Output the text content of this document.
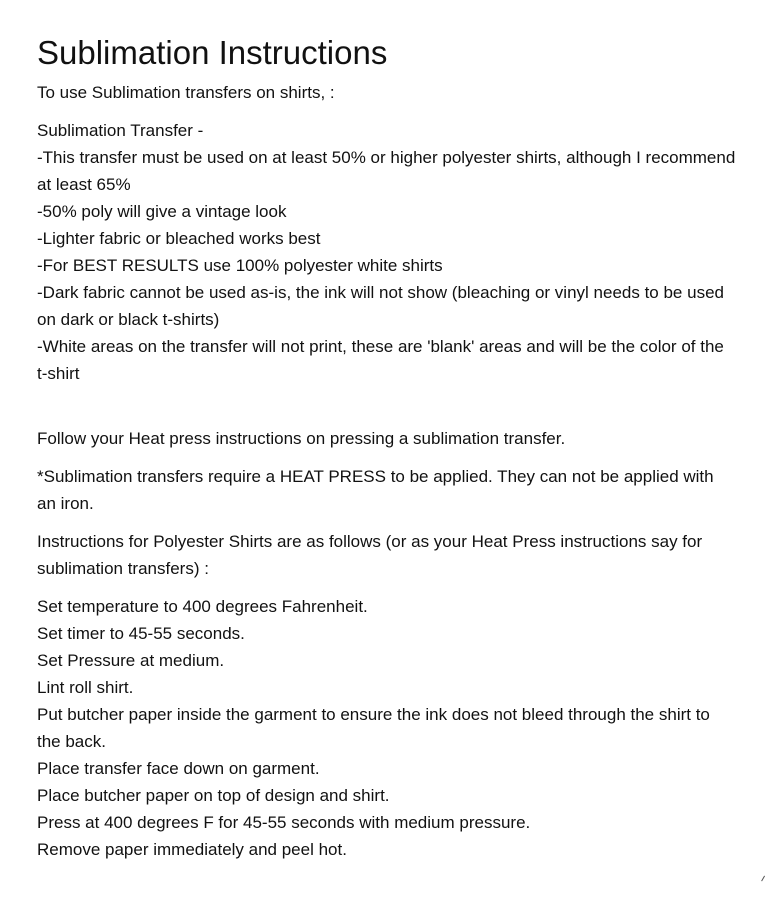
Sublimation Instructions

To use Sublimation transfers on shirts, :

Sublimation Transfer -
-This transfer must be used on at least 50% or higher polyester shirts, although I recommend at least 65%
-50% poly will give a vintage look
-Lighter fabric or bleached works best
-For BEST RESULTS use 100% polyester white shirts
-Dark fabric cannot be used as-is, the ink will not show (bleaching or vinyl needs to be used on dark or black t-shirts)
-White areas on the transfer will not print, these are 'blank' areas and will be the color of the t-shirt

Follow your Heat press instructions on pressing a sublimation transfer.

*Sublimation transfers require a HEAT PRESS to be applied. They can not be applied with an iron.

Instructions for Polyester Shirts are as follows (or as your Heat Press instructions say for sublimation transfers) :

Set temperature to 400 degrees Fahrenheit.
Set timer to 45-55 seconds.
Set Pressure at medium.
Lint roll shirt.
Put butcher paper inside the garment to ensure the ink does not bleed through the shirt to the back.
Place transfer face down on garment.
Place butcher paper on top of design and shirt.
Press at 400 degrees F for 45-55 seconds with medium pressure.
Remove paper immediately and peel hot.
